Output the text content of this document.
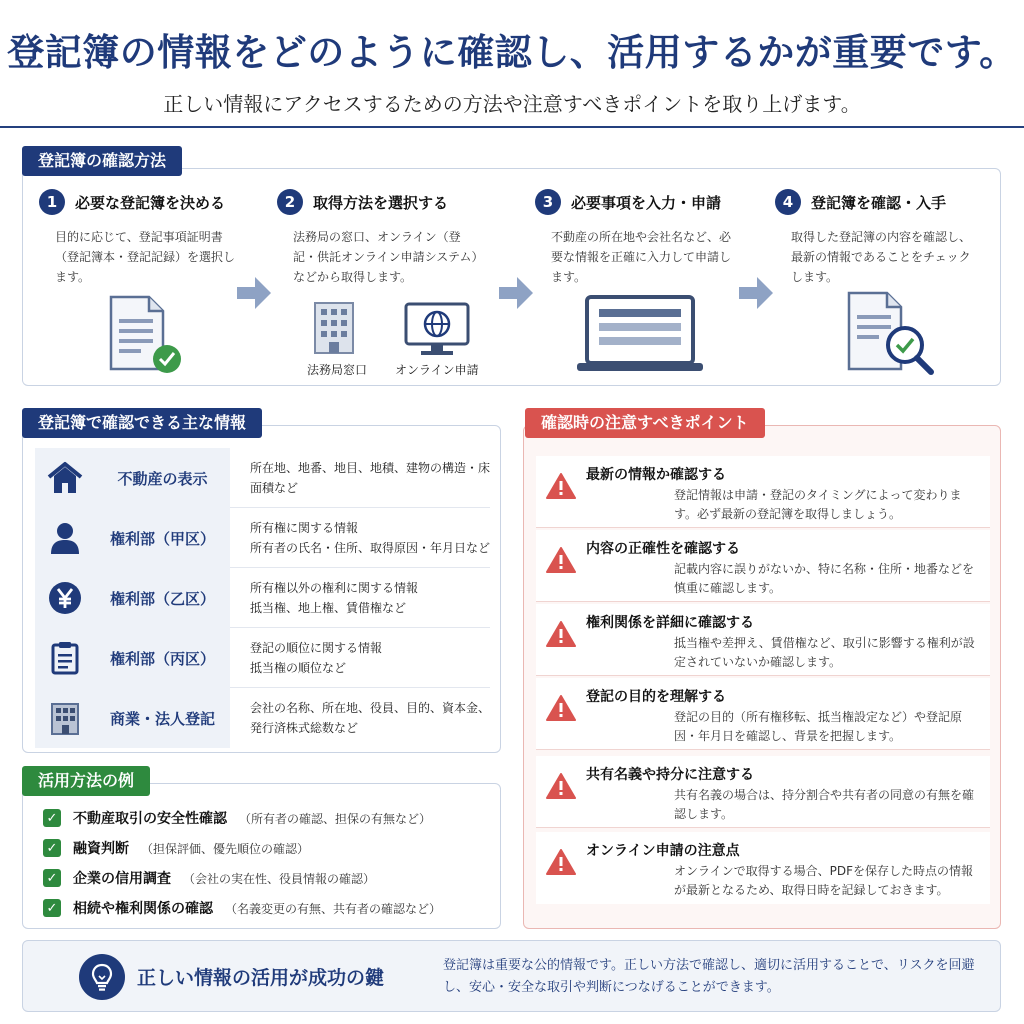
登記簿の情報をどのように確認し、活用するかが重要です。
正しい情報にアクセスするための方法や注意すべきポイントを取り上げます。
1	必要な登記簿を決める
目的に応じて、登記事項証明書（登記簿本・登記記録）を選択します。
2	取得方法を選択する
法務局の窓口、オンライン（登記・供託オンライン申請システム）などから取得します。
3	必要事項を入力・申請
不動産の所在地や会社名など、必要な情報を正確に入力して申請します。
4	登記簿を確認・入手
取得した登記簿の内容を確認し、最新の情報であることをチェックします。
法務局窓口 オンライン申請
登記簿の確認方法
不動産の表示
所在地、地番、地目、地積、建物の構造・床面積など
権利部（甲区）
所有権に関する情報
所有者の氏名・住所、取得原因・年月日など
権利部（乙区）
所有権以外の権利に関する情報
抵当権、地上権、賃借権など
権利部（丙区）
登記の順位に関する情報
抵当権の順位など
商業・法人登記
会社の名称、所在地、役員、目的、資本金、
発行済株式総数など
登記簿で確認できる主な情報
✓ 不動産取引の安全性確認 （所有者の確認、担保の有無など）
✓ 融資判断 （担保評価、優先順位の確認）
✓ 企業の信用調査 （会社の実在性、役員情報の確認）
✓ 相続や権利関係の確認 （名義変更の有無、共有者の確認など）
活用方法の例
最新の情報か確認する
登記情報は申請・登記のタイミングによって変わります。必ず最新の登記簿を取得しましょう。
内容の正確性を確認する
記載内容に誤りがないか、特に名称・住所・地番などを慎重に確認します。
権利関係を詳細に確認する
抵当権や差押え、賃借権など、取引に影響する権利が設定されていないか確認します。
登記の目的を理解する
登記の目的（所有権移転、抵当権設定など）や登記原因・年月日を確認し、背景を把握します。
共有名義や持分に注意する
共有名義の場合は、持分割合や共有者の同意の有無を確認します。
オンライン申請の注意点
オンラインで取得する場合、PDFを保存した時点の情報が最新となるため、取得日時を記録しておきます。
確認時の注意すべきポイント
正しい情報の活用が成功の鍵
登記簿は重要な公的情報です。正しい方法で確認し、適切に活用することで、リスクを回避し、安心・安全な取引や判断につなげることができます。
